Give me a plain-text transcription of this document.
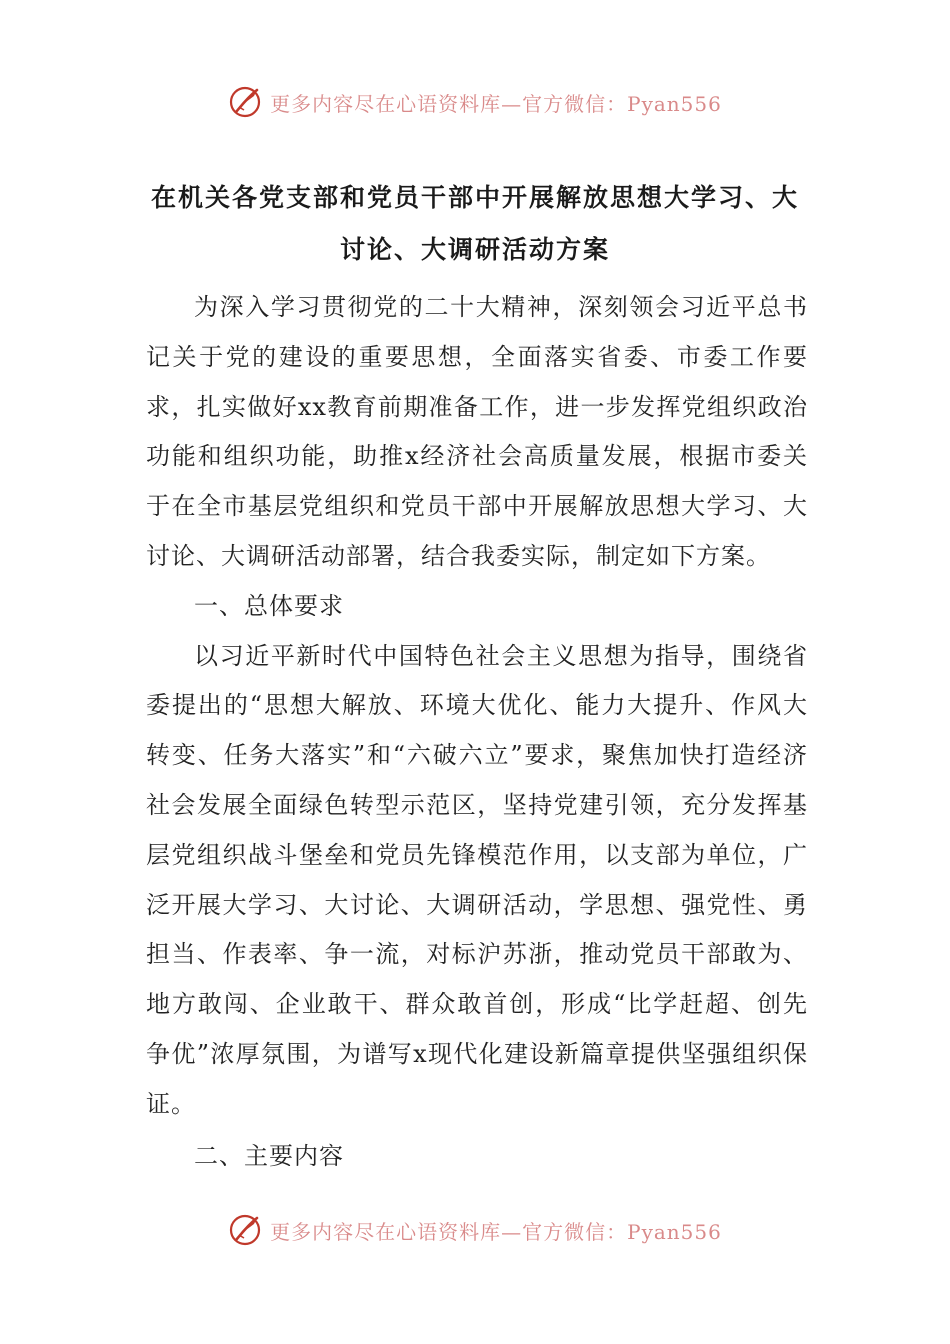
更多内容尽在心语资料库—官方微信：Pyan556
在机关各党支部和党员干部中开展解放思想大学习、大讨论、大调研活动方案

为深入学习贯彻党的二十大精神，深刻领会习近平总书记关于党的建设的重要思想，全面落实省委、市委工作要求，扎实做好xx教育前期准备工作，进一步发挥党组织政治功能和组织功能，助推x经济社会高质量发展，根据市委关于在全市基层党组织和党员干部中开展解放思想大学习、大讨论、大调研活动部署，结合我委实际，制定如下方案。

一、总体要求

以习近平新时代中国特色社会主义思想为指导，围绕省委提出的“思想大解放、环境大优化、能力大提升、作风大转变、任务大落实”和“六破六立”要求，聚焦加快打造经济社会发展全面绿色转型示范区，坚持党建引领，充分发挥基层党组织战斗堡垒和党员先锋模范作用，以支部为单位，广泛开展大学习、大讨论、大调研活动，学思想、强党性、勇担当、作表率、争一流，对标沪苏浙，推动党员干部敢为、地方敢闯、企业敢干、群众敢首创，形成“比学赶超、创先争优”浓厚氛围，为谱写x现代化建设新篇章提供坚强组织保证。

二、主要内容

更多内容尽在心语资料库—官方微信：Pyan556
